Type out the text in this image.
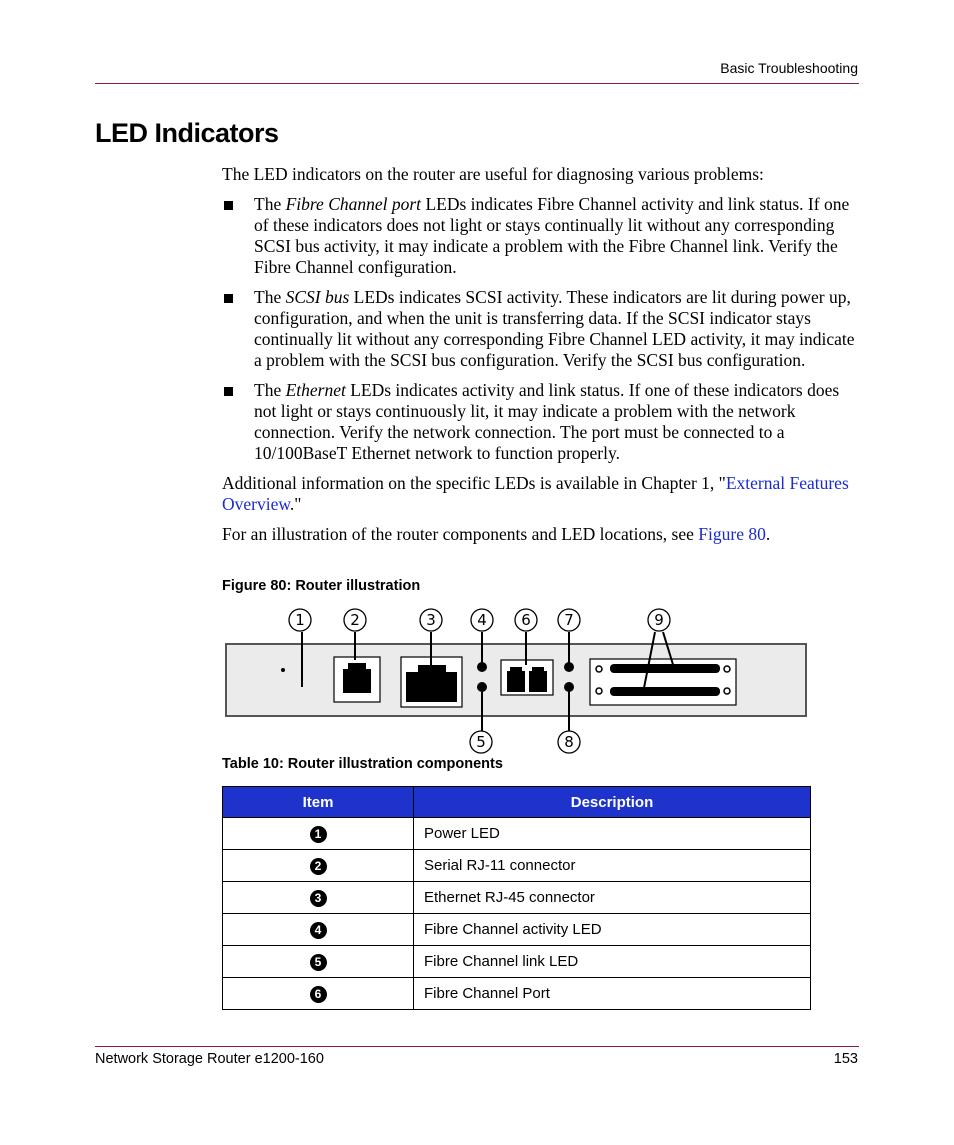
Basic Troubleshooting
LED Indicators

The LED indicators on the router are useful for diagnosing various problems:

The Fibre Channel port LEDs indicates Fibre Channel activity and link status. If one of these indicators does not light or stays continually lit without any corresponding SCSI bus activity, it may indicate a problem with the Fibre Channel link. Verify the Fibre Channel configuration.
The SCSI bus LEDs indicates SCSI activity. These indicators are lit during power up, configuration, and when the unit is transferring data. If the SCSI indicator stays continually lit without any corresponding Fibre Channel LED activity, it may indicate a problem with the SCSI bus configuration. Verify the SCSI bus configuration.
The Ethernet LEDs indicates activity and link status. If one of these indicators does not light or stays continuously lit, it may indicate a problem with the network connection. Verify the network connection. The port must be connected to a 10/100BaseT Ethernet network to function properly.

Additional information on the specific LEDs is available in Chapter 1, "External Features Overview."

For an illustration of the router components and LED locations, see Figure 80.

Figure 80: Router illustration
1	2	3	4 6 7	9
5	8
Table 10: Router illustration components
Item	Description
1	Power LED
2	Serial RJ-11 connector
3	Ethernet RJ-45 connector
4	Fibre Channel activity LED
5	Fibre Channel link LED
6	Fibre Channel Port
Network Storage Router e1200-160	153
